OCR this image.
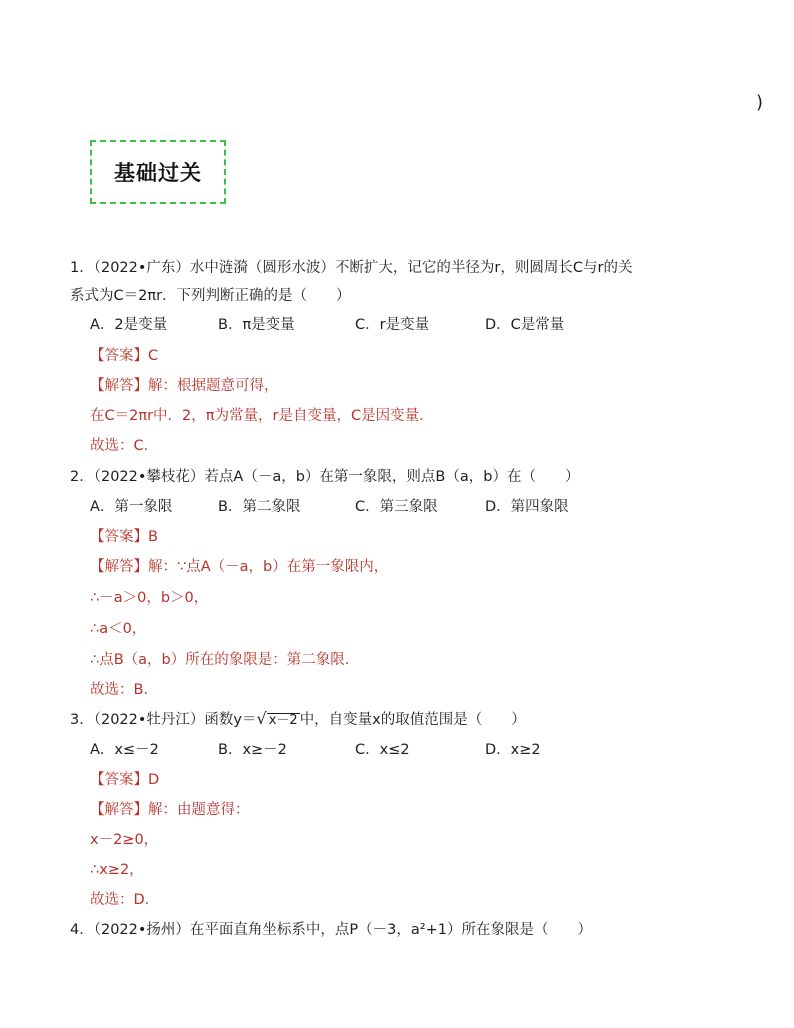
)
基础过关
1．（2022•广东）水中涟漪（圆形水波）不断扩大，记它的半径为r，则圆周长C与r的关
系式为C＝2πr．下列判断正确的是（　　）
A．2是变量	B．π是变量	C．r是变量	D．C是常量
【答案】C
【解答】解：根据题意可得，
在C＝2πr中．2，π为常量，r是自变量，C是因变量．
故选：C．
2．（2022•攀枝花）若点A（－a，b）在第一象限，则点B（a，b）在（　　）
A．第一象限	B．第二象限	C．第三象限	D．第四象限
【答案】B
【解答】解：∵点A（－a，b）在第一象限内，
∴－a＞0，b＞0，
∴a＜0，
∴点B（a，b）所在的象限是：第二象限．
故选：B．
3．（2022•牡丹江）函数y＝√ x－2 中，自变量x的取值范围是（　　）
A．x≤－2	B．x≥－2	C．x≤2	D．x≥2
【答案】D
【解答】解：由题意得：
x－2≥0，
∴x≥2，
故选：D．
4．（2022•扬州）在平面直角坐标系中，点P（－3，a²+1）所在象限是（　　）
